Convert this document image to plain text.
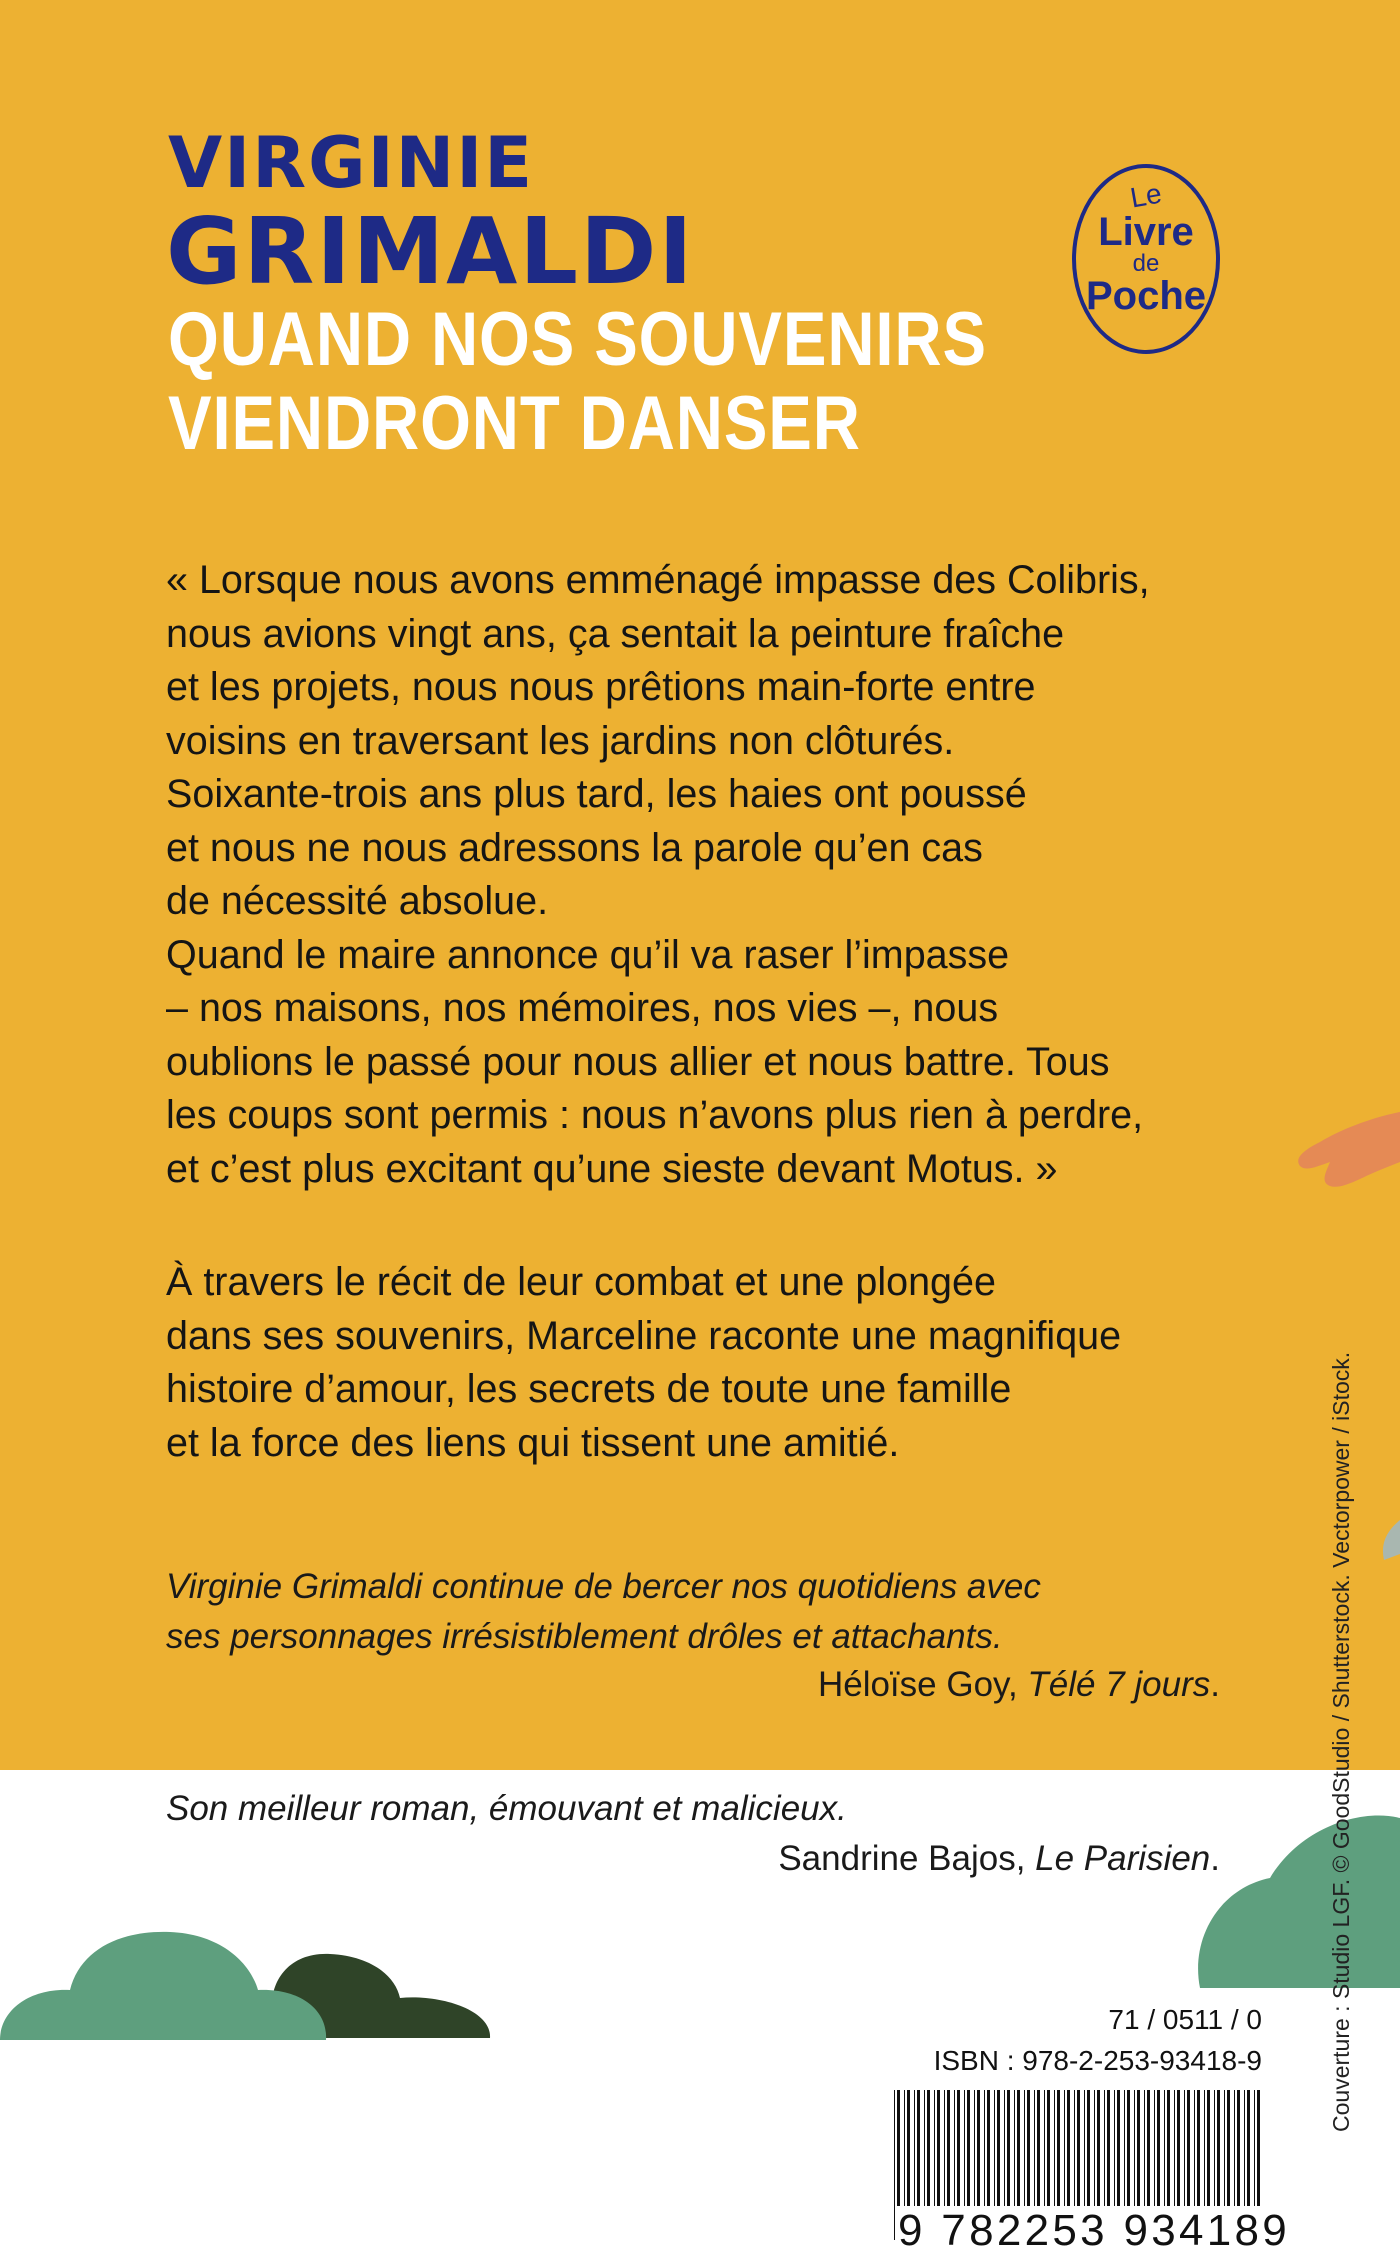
VIRGINIE
GRIMALDI
QUAND NOS SOUVENIRS
VIENDRONT DANSER
Le
Livre
de
Poche
« Lorsque nous avons emménagé impasse des Colibris,
nous avions vingt ans, ça sentait la peinture fraîche
et les projets, nous nous prêtions main-forte entre
voisins en traversant les jardins non clôturés.
Soixante-trois ans plus tard, les haies ont poussé
et nous ne nous adressons la parole qu’en cas
de nécessité absolue.
Quand le maire annonce qu’il va raser l’impasse
– nos maisons, nos mémoires, nos vies –, nous
oublions le passé pour nous allier et nous battre. Tous
les coups sont permis : nous n’avons plus rien à perdre,
et c’est plus excitant qu’une sieste devant Motus. »
À travers le récit de leur combat et une plongée
dans ses souvenirs, Marceline raconte une magnifique
histoire d’amour, les secrets de toute une famille
et la force des liens qui tissent une amitié.
Virginie Grimaldi continue de bercer nos quotidiens avec
ses personnages irrésistiblement drôles et attachants.
Héloïse Goy, Télé 7 jours.
Son meilleur roman, émouvant et malicieux.
Sandrine Bajos, Le Parisien.	Couverture : Studio LGF. © GoodStudio / Shutterstock. Vectorpower / iStock.
71 / 0511 / 0
ISBN : 978-2-253-93418-9
9 782253 934189
